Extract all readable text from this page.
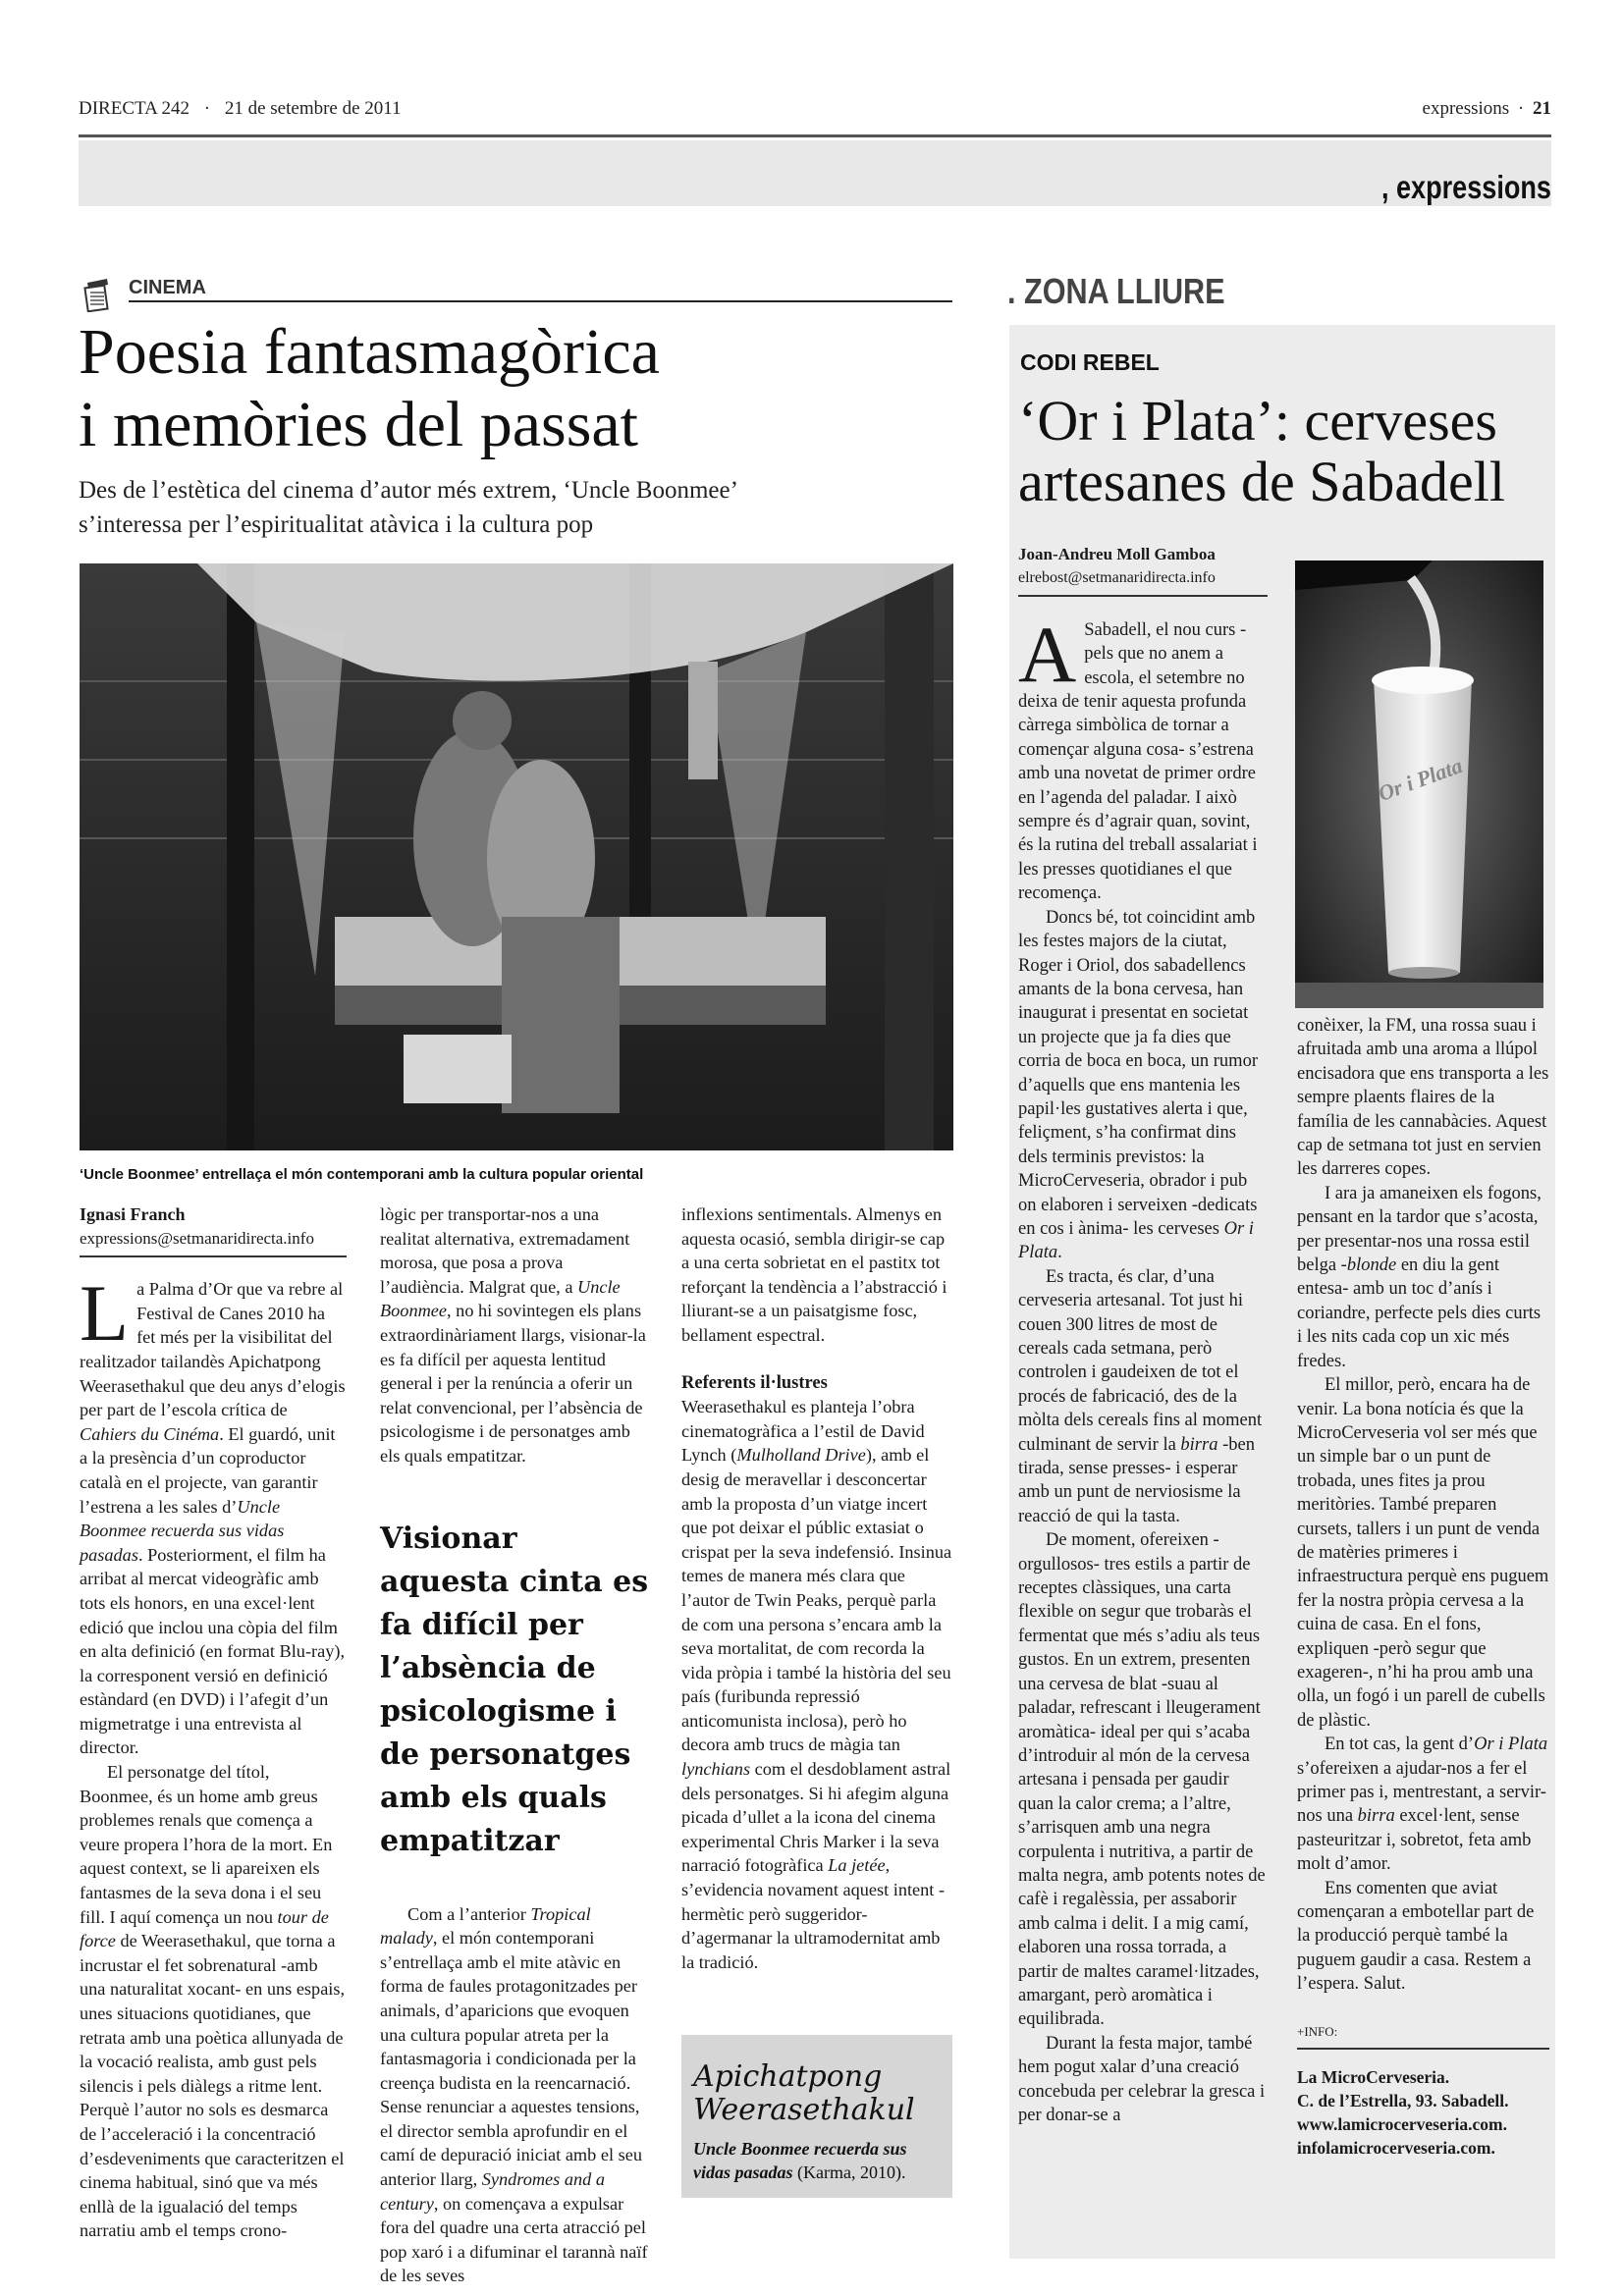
DIRECTA 242 · 21 de setembre de 2011	expressions · 21
, expressions
CINEMA
Poesia fantasmagòrica
i memòries del passat
Des de l’estètica del cinema d’autor més extrem, ‘Uncle Boonmee’
s’interessa per l’espiritualitat atàvica i la cultura pop
‘Uncle Boonmee’ entrellaça el món contemporani amb la cultura popular oriental
Ignasi Franch
expressions@setmanaridirecta.info

La Palma d’Or que va rebre al Festival de Canes 2010 ha fet més per la visibilitat del realitzador tailandès Apichatpong Weerasethakul que deu anys d’elogis per part de l’escola crítica de Cahiers du Cinéma. El guardó, unit a la presència d’un coproductor català en el projecte, van garantir l’estrena a les sales d’Uncle Boonmee recuerda sus vidas pasadas. Posteriorment, el film ha arribat al mercat videogràfic amb tots els honors, en una excel·lent edició que inclou una còpia del film en alta definició (en format Blu-ray), la corresponent versió en definició estàndard (en DVD) i l’afegit d’un migmetratge i una entrevista al director.

El personatge del títol, Boonmee, és un home amb greus problemes renals que comença a veure propera l’hora de la mort. En aquest context, se li apareixen els fantasmes de la seva dona i el seu fill. I aquí comença un nou tour de force de Weerasethakul, que torna a incrustar el fet sobrenatural -amb una naturalitat xocant- en uns espais, unes situacions quotidianes, que retrata amb una poètica allunyada de la vocació realista, amb gust pels silencis i pels diàlegs a ritme lent. Perquè l’autor no sols es desmarca de l’acceleració i la concentració d’esdeveniments que caracteritzen el cinema habitual, sinó que va més enllà de la igualació del temps narratiu amb el temps crono-

lògic per transportar-nos a una realitat alternativa, extremadament morosa, que posa a prova l’audiència. Malgrat que, a Uncle Boonmee, no hi sovintegen els plans extraordinàriament llargs, visionar-la es fa difícil per aquesta lentitud general i per la renúncia a oferir un relat convencional, per l’absència de psicologisme i de personatges amb els quals empatitzar.

Visionar aquesta cinta es fa difícil per l’absència de psicologisme i de personatges amb els quals empatitzar

Com a l’anterior Tropical malady, el món contemporani s’entrellaça amb el mite atàvic en forma de faules protagonitzades per animals, d’aparicions que evoquen una cultura popular atreta per la fantasmagoria i condicionada per la creença budista en la reencarnació. Sense renunciar a aquestes tensions, el director sembla aprofundir en el camí de depuració iniciat amb el seu anterior llarg, Syndromes and a century, on començava a expulsar fora del quadre una certa atracció pel pop xaró i a difuminar el tarannà naïf de les seves

inflexions sentimentals. Almenys en aquesta ocasió, sembla dirigir-se cap a una certa sobrietat en el pastitx tot reforçant la tendència a l’abstracció i lliurant-se a un paisatgisme fosc, bellament espectral.

Referents il·lustres

Weerasethakul es planteja l’obra cinematogràfica a l’estil de David Lynch (Mulholland Drive), amb el desig de meravellar i desconcertar amb la proposta d’un viatge incert que pot deixar el públic extasiat o crispat per la seva indefensió. Insinua temes de manera més clara que l’autor de Twin Peaks, perquè parla de com una persona s’encara amb la seva mortalitat, de com recorda la vida pròpia i també la història del seu país (furibunda repressió anticomunista inclosa), però ho decora amb trucs de màgia tan lynchians com el desdoblament astral dels personatges. Si hi afegim alguna picada d’ullet a la icona del cinema experimental Chris Marker i la seva narració fotogràfica La jetée, s’evidencia novament aquest intent -hermètic però suggeridor- d’agermanar la ultramodernitat amb la tradició.

Apichatpong
Weerasethakul
Uncle Boonmee recuerda sus vidas pasadas (Karma, 2010).
. ZONA LLIURE
CODI REBEL
‘Or i Plata’: cerveses
artesanes de Sabadell
Joan-Andreu Moll Gamboa
elrebost@setmanaridirecta.info

A Sabadell, el nou curs -pels que no anem a escola, el setembre no deixa de tenir aquesta profunda càrrega simbòlica de tornar a començar alguna cosa- s’estrena amb una novetat de primer ordre en l’agenda del paladar. I això sempre és d’agrair quan, sovint, és la rutina del treball assalariat i les presses quotidianes el que recomença.

Doncs bé, tot coincidint amb les festes majors de la ciutat, Roger i Oriol, dos sabadellencs amants de la bona cervesa, han inaugurat i presentat en societat un projecte que ja fa dies que corria de boca en boca, un rumor d’aquells que ens mantenia les papil·les gustatives alerta i que, feliçment, s’ha confirmat dins dels terminis previstos: la MicroCerveseria, obrador i pub on elaboren i serveixen -dedicats en cos i ànima- les cerveses Or i Plata.

Es tracta, és clar, d’una cerveseria artesanal. Tot just hi couen 300 litres de most de cereals cada setmana, però controlen i gaudeixen de tot el procés de fabricació, des de la mòlta dels cereals fins al moment culminant de servir la birra -ben tirada, sense presses- i esperar amb un punt de nerviosisme la reacció de qui la tasta.

De moment, ofereixen -orgullosos- tres estils a partir de receptes clàssiques, una carta flexible on segur que trobaràs el fermentat que més s’adiu als teus gustos. En un extrem, presenten una cervesa de blat -suau al paladar, refrescant i lleugerament aromàtica- ideal per qui s’acaba d’introduir al món de la cervesa artesana i pensada per gaudir quan la calor crema; a l’altre, s’arrisquen amb una negra corpulenta i nutritiva, a partir de malta negra, amb potents notes de cafè i regalèssia, per assaborir amb calma i delit. I a mig camí, elaboren una rossa torrada, a partir de maltes caramel·litzades, amargant, però aromàtica i equilibrada.

Durant la festa major, també hem pogut xalar d’una creació concebuda per celebrar la gresca i per donar-se a

Or i Plata

conèixer, la FM, una rossa suau i afruitada amb una aroma a llúpol encisadora que ens transporta a les sempre plaents flaires de la família de les cannabàcies. Aquest cap de setmana tot just en servien les darreres copes.

I ara ja amaneixen els fogons, pensant en la tardor que s’acosta, per presentar-nos una rossa estil belga -blonde en diu la gent entesa- amb un toc d’anís i coriandre, perfecte pels dies curts i les nits cada cop un xic més fredes.

El millor, però, encara ha de venir. La bona notícia és que la MicroCerveseria vol ser més que un simple bar o un punt de trobada, unes fites ja prou meritòries. També preparen cursets, tallers i un punt de venda de matèries primeres i infraestructura perquè ens puguem fer la nostra pròpia cervesa a la cuina de casa. En el fons, expliquen -però segur que exageren-, n’hi ha prou amb una olla, un fogó i un parell de cubells de plàstic.

En tot cas, la gent d’Or i Plata s’ofereixen a ajudar-nos a fer el primer pas i, mentrestant, a servir-nos una birra excel·lent, sense pasteuritzar i, sobretot, feta amb molt d’amor.

Ens comenten que aviat començaran a embotellar part de la producció perquè també la puguem gaudir a casa. Restem a l’espera. Salut.

+INFO:
La MicroCerveseria.
C. de l’Estrella, 93. Sabadell.
www.lamicrocerveseria.com.
infolamicrocerveseria.com.
